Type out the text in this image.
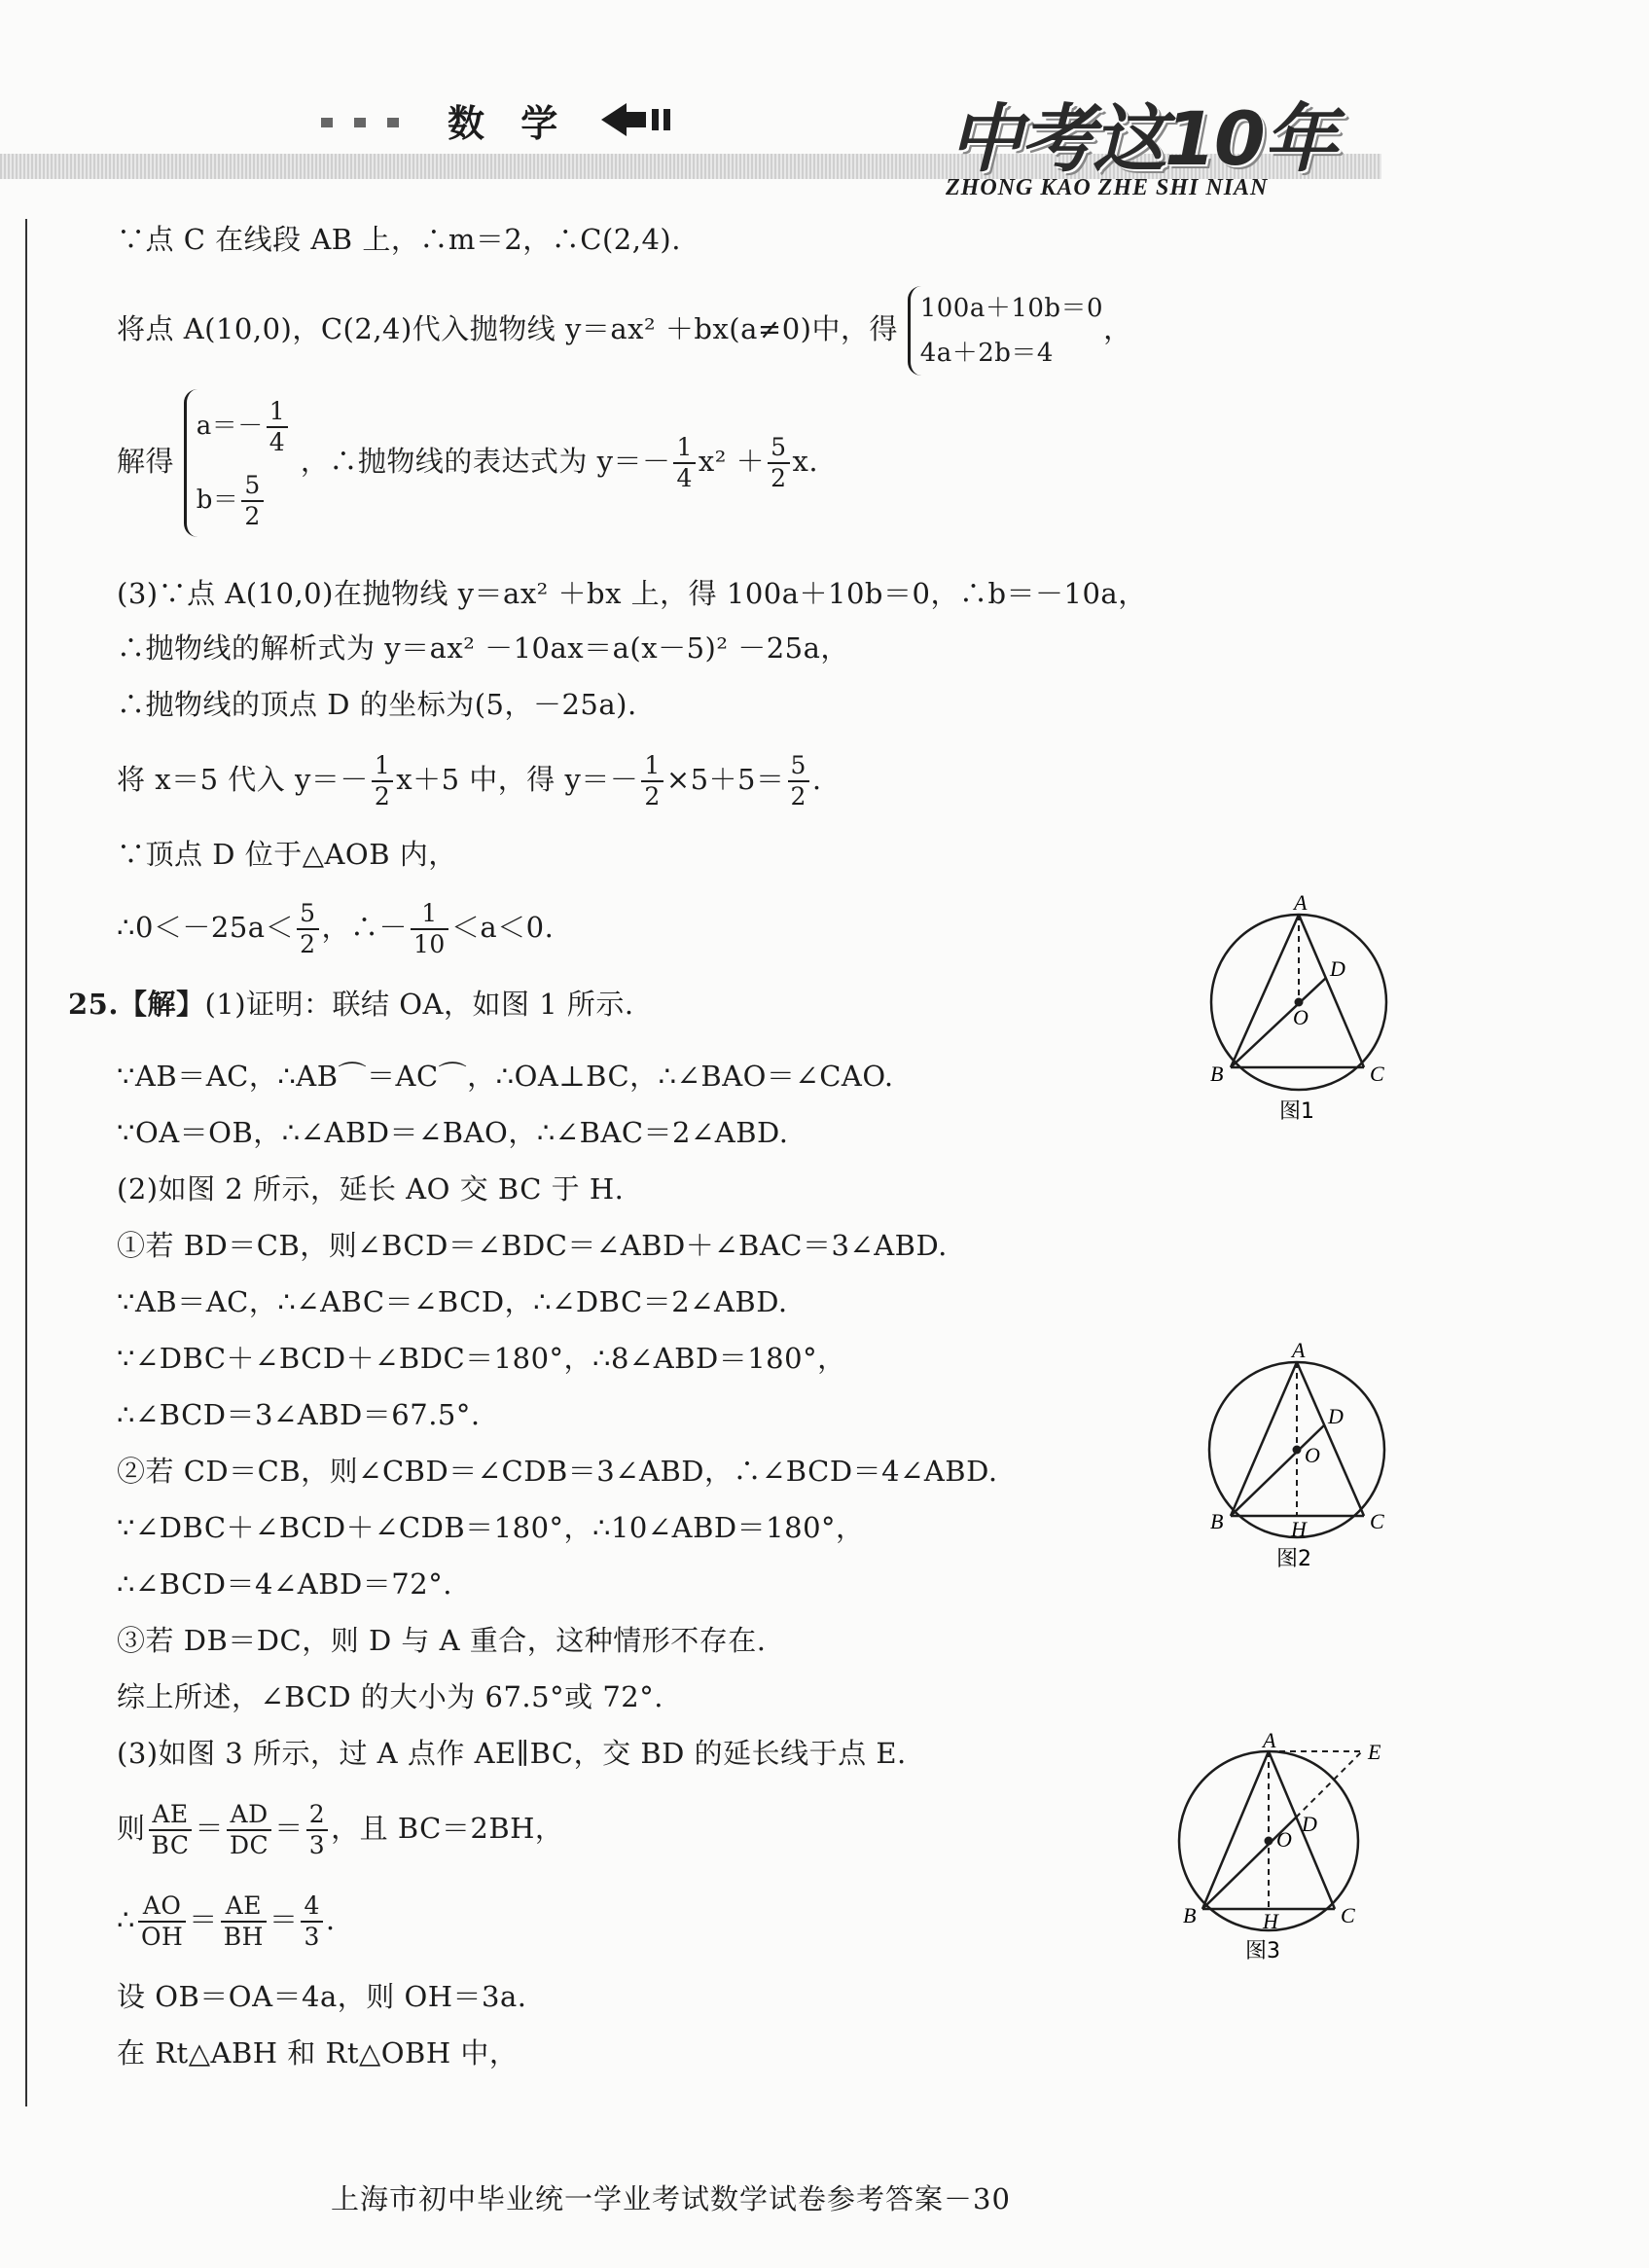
数 学	中考这10年
ZHONG KAO ZHE SHI NIAN
∵点 C 在线段 AB 上，∴m＝2，∴C(2,4).
将点 A(10,0)，C(2,4)代入抛物线 y＝ax² ＋bx(a≠0)中，得
100a＋10b＝0
4a＋2b＝4
，
解得
$a=- \frac{1}{4}$
$b= \frac{5}{2}$
，∴抛物线的表达式为 $y=- \frac{1}{4} x^2 + \frac{5}{2} x$.
(3)∵点 A(10,0)在抛物线 y＝ax² ＋bx 上，得 100a＋10b＝0，∴b＝－10a，
∴抛物线的解析式为 y＝ax² －10ax＝a(x－5)² －25a，
∴抛物线的顶点 D 的坐标为(5，－25a).
将 x＝5 代入 $y=- \frac{1}{2} x+5$ 中，得 $y=- \frac{1}{2} \times 5+5= \frac{5}{2}$ .
∵顶点 D 位于△AOB 内，
∴0＜－25a＜ $\frac{5}{2}$ ，∴－ $\frac{1}{10} <a<0$.
25.【解】(1)证明：联结 OA，如图 1 所示.
∵AB＝AC，∴AB⌒＝AC⌒，∴OA⊥BC，∴∠BAO＝∠CAO.
∵OA＝OB，∴∠ABD＝∠BAO，∴∠BAC＝2∠ABD.
(2)如图 2 所示，延长 AO 交 BC 于 H.
①若 BD＝CB，则∠BCD＝∠BDC＝∠ABD＋∠BAC＝3∠ABD.
∵AB＝AC，∴∠ABC＝∠BCD，∴∠DBC＝2∠ABD.
∵∠DBC＋∠BCD＋∠BDC＝180°，∴8∠ABD＝180°，
∴∠BCD＝3∠ABD＝67.5°.
②若 CD＝CB，则∠CBD＝∠CDB＝3∠ABD，∴∠BCD＝4∠ABD.
∵∠DBC＋∠BCD＋∠CDB＝180°，∴10∠ABD＝180°，
∴∠BCD＝4∠ABD＝72°.
③若 DB＝DC，则 D 与 A 重合，这种情形不存在.
综上所述，∠BCD 的大小为 67.5°或 72°.
(3)如图 3 所示，过 A 点作 AE∥BC，交 BD 的延长线于点 E.
则 $\frac{AE}{BC} = \frac{AD}{DC} = \frac{2}{3}$ ，且 BC＝2BH，
∴ $\frac{AO}{OH} = \frac{AE}{BH} = \frac{4}{3}$ .
设 OB＝OA＝4a，则 OH＝3a.
在 Rt△ABH 和 Rt△OBH 中，
A
D
O
B	C
图1
A
D
O
B	H	C
图2
A	E
D
O
B	H	C
图3
上海市初中毕业统一学业考试数学试卷参考答案－30
